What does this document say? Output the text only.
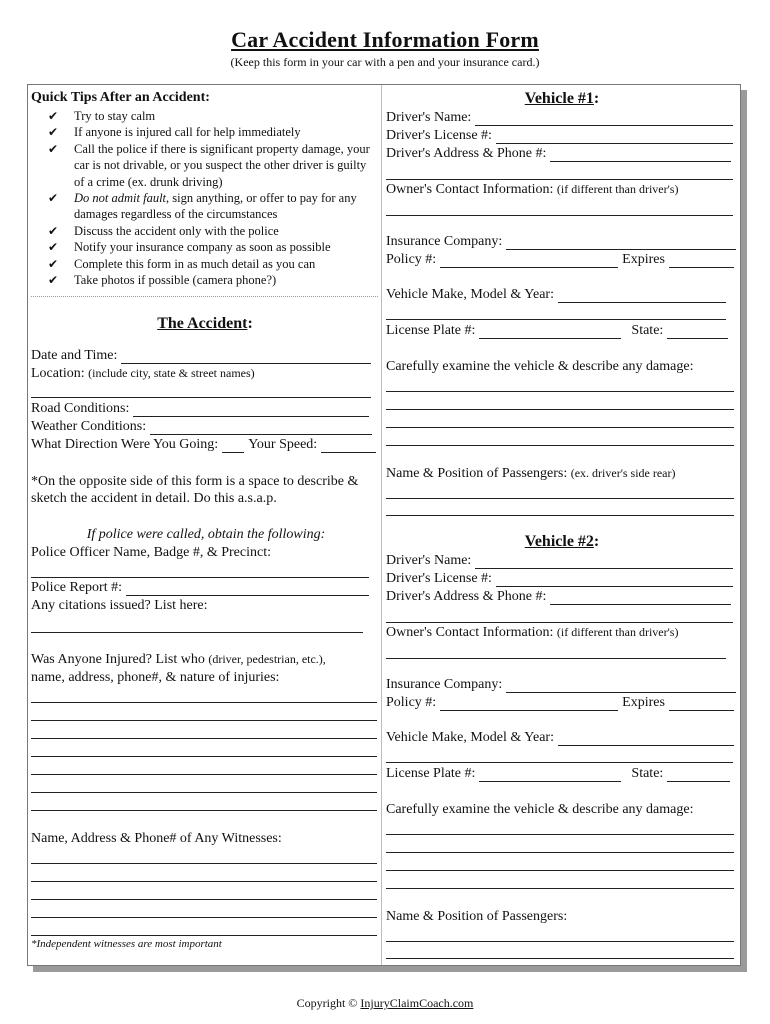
Car Accident Information Form
(Keep this form in your car with a pen and your insurance card.)
Quick Tips After an Accident:
✔ Try to stay calm
✔ If anyone is injured call for help immediately
✔ Call the police if there is significant property damage, your car is not drivable, or you suspect the other driver is guilty of a crime (ex. drunk driving)
✔ Do not admit fault, sign anything, or offer to pay for any damages regardless of the circumstances
✔ Discuss the accident only with the police
✔ Notify your insurance company as soon as possible
✔ Complete this form in as much detail as you can
✔ Take photos if possible (camera phone?)
The Accident:
Date and Time:
Location:
(include city, state & street names)
Road Conditions:
Weather Conditions:
What Direction Were You Going: Your Speed:
*On the opposite side of this form is a space to describe & sketch the accident in detail. Do this a.s.a.p.
If police were called, obtain the following:
Police Officer Name, Badge #, & Precinct:
Police Report #:
Any citations issued? List here:
Was Anyone Injured? List who
(driver, pedestrian, etc.),
name, address, phone#, & nature of injuries:
Name, Address & Phone# of Any Witnesses:
*Independent witnesses are most important
Vehicle #1:
Driver's Name:
Driver's License #:
Driver's Address & Phone #:
Owner's Contact Information:
(if different than driver's)
Insurance Company:
Policy #:	Expires
Vehicle Make, Model & Year:
License Plate #:	State:
Carefully examine the vehicle & describe any damage:
Name & Position of Passengers:
(ex. driver's side rear)
Vehicle #2:
Driver's Name:
Driver's License #:
Driver's Address & Phone #:
Owner's Contact Information:
(if different than driver's)
Insurance Company:
Policy #:	Expires
Vehicle Make, Model & Year:
License Plate #:	State:
Carefully examine the vehicle & describe any damage:
Name & Position of Passengers:
Copyright © InjuryClaimCoach.com
